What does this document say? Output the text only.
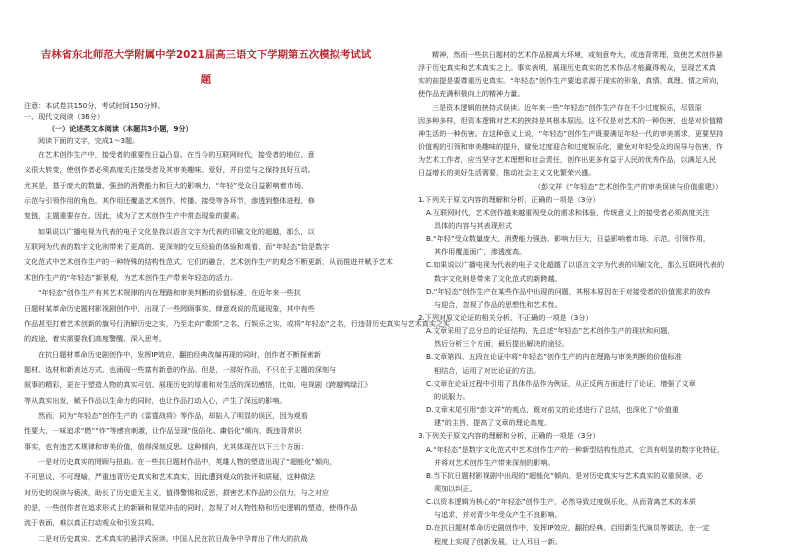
吉林省东北师范大学附属中学2021届高三语文下学期第五次模拟考试试
题
注意：本试卷共150分，考试时间150分钟。
一、现代文阅读（36分）
（一）论述类文本阅读（本题共3小题，9分）
阅读下面的文字，完成1～3题。
在艺术创作生产中，接受者的重要性日益凸显。在当今的互联网时代，接受者的地位、意
义很大转变，使创作者必须高度关注接受者及其审美趣味、爱好，并自觉与之保持良好互动。
尤其是，基于庞大的数量，强劲的消费能力和巨大的影响力，“年轻”受众日益影响着市场、
示范与引领作用的角色，其作用还覆盖艺术创作、传播、接受等各环节，渗透到整体进程，修
复链，主题重要存在。因此，成为了艺术创作生产中常态现象的要素。
如果说以广播电视为代表的电子文化是我以语言文字为代表的印刷文化的超越，那么，以
互联网为代表的数字文化则带来了更高的、更深刻的交互经验的体验和观看，而“年轻态”恰是数字
文化范式中艺术创作生产的一种特殊的结构性范式，它们的融合，艺术创作生产的观念不断更新，从而推进并赋予艺术
术创作生产的“年轻态”新景观，为艺术创作生产带来年轻态的活力。
“年轻态”创作生产有其艺术规律的内在理路和审美判断的价值标准，在近年来一些抗
日题材某革命历史题材影视剧创作中，出现了一些罔顾事实、肆意戏说的荒诞现象，其中有些
作品甚至打着艺术创新的旗号行消解历史之实，乃至走向“歌颂”之名、行娱乐之实，或将“年轻态”之名，行违背历史真实与艺术真实之实
的歧途，着实需要我们高度警醒、深入思考。
在抗日题材革命历史剧创作中，发挥IP效应，翻拍经典改编再现的同时，创作者不断探索新
题材、选材和新表达方式，也涌现一些富有新意的作品。但是，一部好作品，不只在于主题的深刻与
叙事的精彩，更在于塑造人物的真实可信、展现历史的厚重和对生活的深切感悟，比如，电视剧《跨越鸭绿江》
等从真实出发，赋予作品以生命力的同时，也让作品打动人心，产生了深远的影响。
然而，同为“年轻态”创作生产的《雷霆战将》等作品，却陷入了明显的误区，因为观看
性要大，一味追求“燃”“炸”等感官刺激，让作品呈现“低俗化、庸俗化”倾向，既违背常识
事实，也有违艺术规律和审美价值，值得深刻反思。这种倾向，尤其体现在以下三个方面：
一是对历史真实的罔顾与扭曲。在一些抗日题材作品中，英雄人物的塑造出现了“超能化”倾向，
不可思议，不可理喻，严重违背历史真实和艺术真实，因此遭到观众的批评和质疑，这种做法
对历史的误读与亵渎，助长了历史虚无主义，值得警惕和反思，损害艺术作品的公信力，与之对应
的是，一些创作者在追求形式上的新颖和视觉冲击的同时，忽视了对人物性格和历史逻辑的塑造，使得作品
流于表面，难以真正打动观众和引发共鸣。
二是对历史真实、艺术真实的悬浮式误读。中国人民在抗日战争中孕育出了伟大的抗战
精神，然而一些抗日题材的艺术作品脱离大环境，或刻意夸大，或违背常理，致使艺术创作悬
浮于历史真实和艺术真实之上。事实表明，展现历史真实的艺术作品才能赢得观众，呈现艺术真
实的前提是要尊重历史真实。“年轻态”创作生产要追求源于现实的形象，真情、真理、情之所向，
使作品充满积极向上的精神力量。
三是资本逻辑的挟持式误读。近年来一些“年轻态”创作生产存在不少过度娱乐，尽管原
因多种多样，但资本逻辑对艺术的挟持是其根本原因。这不仅是对艺术的一种伤害，也是对价值精
神生活的一种伤害。在这种意义上说，“年轻态”创作生产既要满足年轻一代的审美需求，更要坚持
价值观的引领和审美趣味的提升，避免过度迎合和过度娱乐化，避免对年轻受众的误导与伤害，作
为艺术工作者，应当坚守艺术理想和社会责任，创作出更多有益于人民的优秀作品，以满足人民
日益增长的美好生活需要，推动社会主义文化繁荣兴盛。
（彭文祥《“年轻态”艺术创作生产的审美误读与价值重建》）
1.下列关于原文内容的理解和分析，正确的一项是（3分）
A.互联网时代，艺术创作越来越重视受众的需求和体验，传统意义上的接受者必须高度关注
具体的内容与其表现形式
B.“年轻”受众数量庞大、消费能力强劲、影响力巨大，日益影响着市场、示范、引领作用，
其作用覆盖面广，渗透度高。
C.如果说以广播电视为代表的电子文化超越了以语言文字为代表的印刷文化，那么互联网代表的
数字文化则是带来了文化范式的新跨越。
D.“年轻态”创作生产在某些作品中出现的问题，其根本原因在于对接受者的价值需求的放弃
与迎合，忽视了作品的思想性和艺术性。
2.下列对原文论证的相关分析，不正确的一项是（3分）
A.文章采用了总分总的论证结构，先总述“年轻态”艺术创作生产的现状和问题，
然后分析三个方面，最后提出解决的途径。
B.文章第四、五段在论证中将“年轻态”创作生产的内在理路与审美判断的价值标准
相结合，运用了对比论证的方法。
C.文章在论证过程中引用了具体作品作为例证，从正反两方面进行了论证，增强了文章
的说服力。
D.文章末尾引用“彭文祥”的观点，既对前文的论述进行了总结，也深化了“价值重
建”的主旨，提高了文章的理论高度。
3.下列关于原文内容的理解和分析，正确的一项是（3分）
A.“年轻态”是数字文化范式中艺术创作生产的一种新型结构性范式，它具有明显的数字化特征，
并将对艺术创作生产带来深刻的影响。
B.当下抗日题材影视剧中出现的“超能化”倾向，是对历史真实与艺术真实的双重误读，必
须加以纠正。
C.以资本逻辑为核心的“年轻态”创作生产，必然导致过度娱乐化，从而背离艺术的本质
与追求，并对青少年受众产生不良影响。
D.在抗日题材革命历史剧创作中，发挥IP效应，翻拍经典、启用新生代演员等做法，在一定
程度上实现了创新发展，让人耳目一新。
